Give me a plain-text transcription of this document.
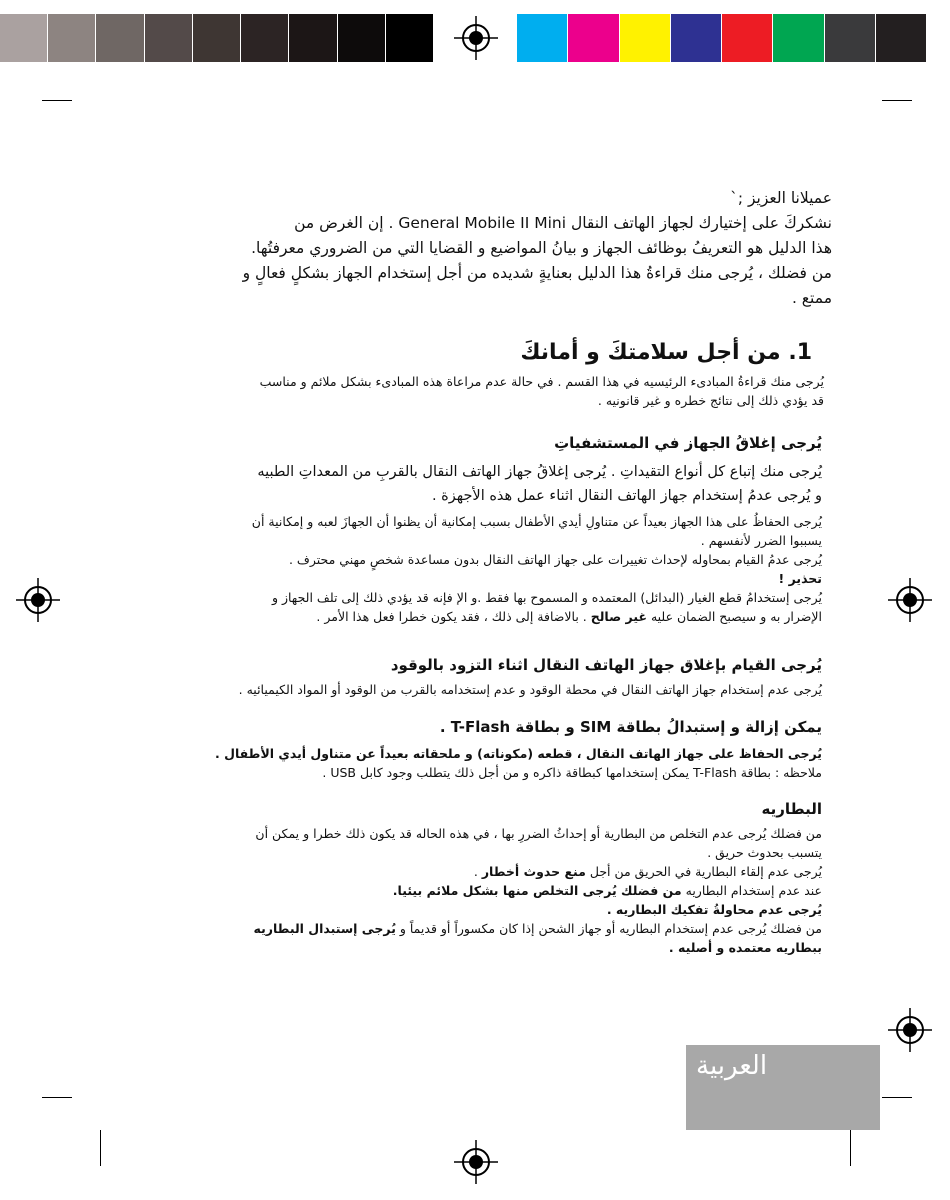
عميلانا العزيز ;`
نشكركَ على إختيارك لجهاز الهاتف النقال General Mobile II Mini . إن الغرض من
هذا الدليل هو التعريفُ بوظائف الجهاز و بيانُ المواضيع و القضايا التي من الضروري معرفتُها.
من فضلك ، يُرجى منك قراءةُ هذا الدليل بعنايةٍ شديده من أجل إستخدام الجهاز بشكلٍ فعالٍ و
ممتع .
1. من أجل سلامتكَ و أمانكَ
يُرجى منك قراءةُ المبادىء الرئيسيه في هذا القسم . في حالة عدم مراعاة هذه المبادىء بشكل ملائم و مناسب
قد يؤدي ذلك إلى نتائج خطره و غير قانونيه .
يُرجى إغلاقُ الجهاز في المستشفياتِ
يُرجى منك إتباع كل أنواع التقيداتِ . يُرجى إغلاقُ جهاز الهاتف النقال بالقربِ من المعداتِ الطبيه
و يُرجى عدمُ إستخدام جهاز الهاتف النقال اثناء عمل هذه الأجهزة .
يُرجى الحفاظُ على هذا الجهاز بعيداً عن متناولِ أيدي الأطفال بسبب إمكانية أن يظنوا أن الجهازَ لعبه و إمكانية أن
يسببوا الضرر لأنفسهم .
يُرجى عدمُ القيام بمحاوله لإحداث تغييرات على جهاز الهاتف النقال بدون مساعدة شخصٍ مهني محترف .
تحذير !
يُرجى إستخدامُ قطع الغيار (البدائل) المعتمده و المسموح بها فقط .و الإ فإنه قد يؤدي ذلك إلى تلف الجهاز و
الإضرار به و سيصبح الضمان عليه غير صالح . بالاضافة إلى ذلك ، فقد يكون خطرا فعل هذا الأمر .
يُرجى القيام بإغلاق جهاز الهاتف النقال اثناء التزود بالوقود
يُرجى عدم إستخدام جهاز الهاتف النقال في محطة الوقود و عدم إستخدامه بالقرب من الوقود أو المواد الكيميائيه .
يمكن إزالة و إستبدالُ بطاقة SIM و بطاقة T-Flash .
يُرجى الحفاظ على جهاز الهاتف النقال ، قطعه (مكوناته) و ملحقاته بعيداً عن متناول أيدي الأطفال .
ملاحظه : بطاقة T-Flash يمكن إستخدامها كبطاقة ذاكره و من أجل ذلك يتطلب وجود كابل USB .
البطاريه
من فضلك يُرجى عدم التخلص من البطارية أو إحداثُ الضررِ بها ، في هذه الحاله قد يكون ذلك خطرا و يمكن أن
يتسبب بحدوث حريق .
يُرجى عدم إلقاء البطارية في الحريق من أجل منع حدوث أخطار .
عند عدم إستخدام البطاريه من فضلك يُرجى التخلص منها بشكل ملائم بيئيا.
يُرجى عدم محاولةُ تفكيك البطاريه .
من فضلك يُرجى عدم إستخدام البطاريه أو جهاز الشحن إذا كان مكسوراً أو قديماً و يُرجى إستبدال البطاريه
ببطاريه معتمده و أصليه .
العربية
